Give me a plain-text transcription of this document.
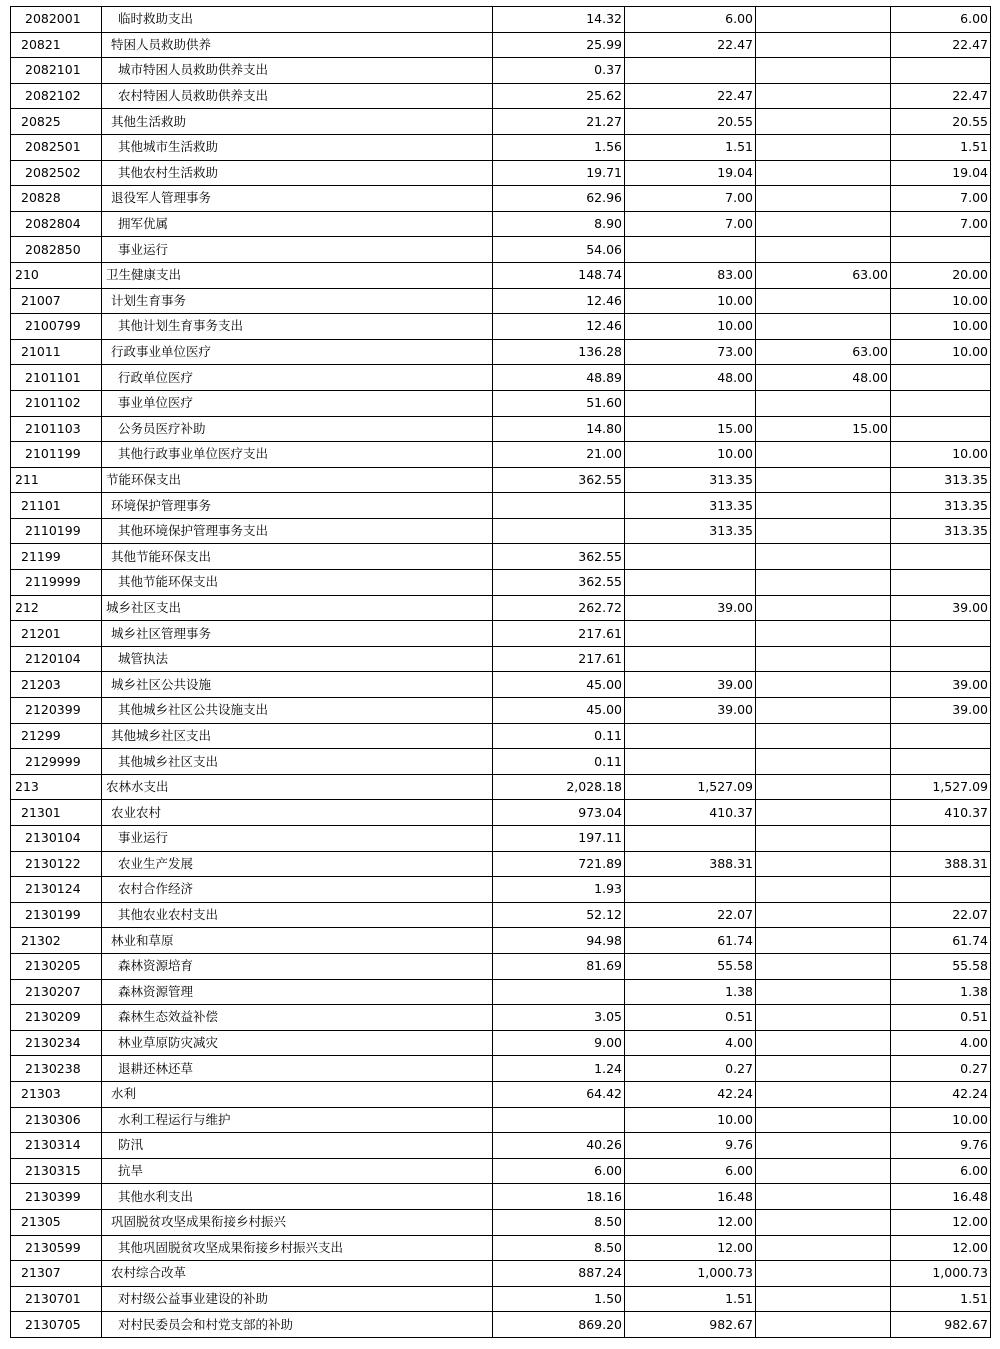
2082001	临时救助支出	14.32	6.00		6.00
20821	特困人员救助供养	25.99	22.47		22.47
2082101	城市特困人员救助供养支出	0.37			
2082102	农村特困人员救助供养支出	25.62	22.47		22.47
20825	其他生活救助	21.27	20.55		20.55
2082501	其他城市生活救助	1.56	1.51		1.51
2082502	其他农村生活救助	19.71	19.04		19.04
20828	退役军人管理事务	62.96	7.00		7.00
2082804	拥军优属	8.90	7.00		7.00
2082850	事业运行	54.06			
210	卫生健康支出	148.74	83.00	63.00	20.00
21007	计划生育事务	12.46	10.00		10.00
2100799	其他计划生育事务支出	12.46	10.00		10.00
21011	行政事业单位医疗	136.28	73.00	63.00	10.00
2101101	行政单位医疗	48.89	48.00	48.00	
2101102	事业单位医疗	51.60			
2101103	公务员医疗补助	14.80	15.00	15.00	
2101199	其他行政事业单位医疗支出	21.00	10.00		10.00
211	节能环保支出	362.55	313.35		313.35
21101	环境保护管理事务		313.35		313.35
2110199	其他环境保护管理事务支出		313.35		313.35
21199	其他节能环保支出	362.55			
2119999	其他节能环保支出	362.55			
212	城乡社区支出	262.72	39.00		39.00
21201	城乡社区管理事务	217.61			
2120104	城管执法	217.61			
21203	城乡社区公共设施	45.00	39.00		39.00
2120399	其他城乡社区公共设施支出	45.00	39.00		39.00
21299	其他城乡社区支出	0.11			
2129999	其他城乡社区支出	0.11			
213	农林水支出	2,028.18	1,527.09		1,527.09
21301	农业农村	973.04	410.37		410.37
2130104	事业运行	197.11			
2130122	农业生产发展	721.89	388.31		388.31
2130124	农村合作经济	1.93			
2130199	其他农业农村支出	52.12	22.07		22.07
21302	林业和草原	94.98	61.74		61.74
2130205	森林资源培育	81.69	55.58		55.58
2130207	森林资源管理		1.38		1.38
2130209	森林生态效益补偿	3.05	0.51		0.51
2130234	林业草原防灾减灾	9.00	4.00		4.00
2130238	退耕还林还草	1.24	0.27		0.27
21303	水利	64.42	42.24		42.24
2130306	水利工程运行与维护		10.00		10.00
2130314	防汛	40.26	9.76		9.76
2130315	抗旱	6.00	6.00		6.00
2130399	其他水利支出	18.16	16.48		16.48
21305	巩固脱贫攻坚成果衔接乡村振兴	8.50	12.00		12.00
2130599	其他巩固脱贫攻坚成果衔接乡村振兴支出	8.50	12.00		12.00
21307	农村综合改革	887.24	1,000.73		1,000.73
2130701	对村级公益事业建设的补助	1.50	1.51		1.51
2130705	对村民委员会和村党支部的补助	869.20	982.67		982.67
